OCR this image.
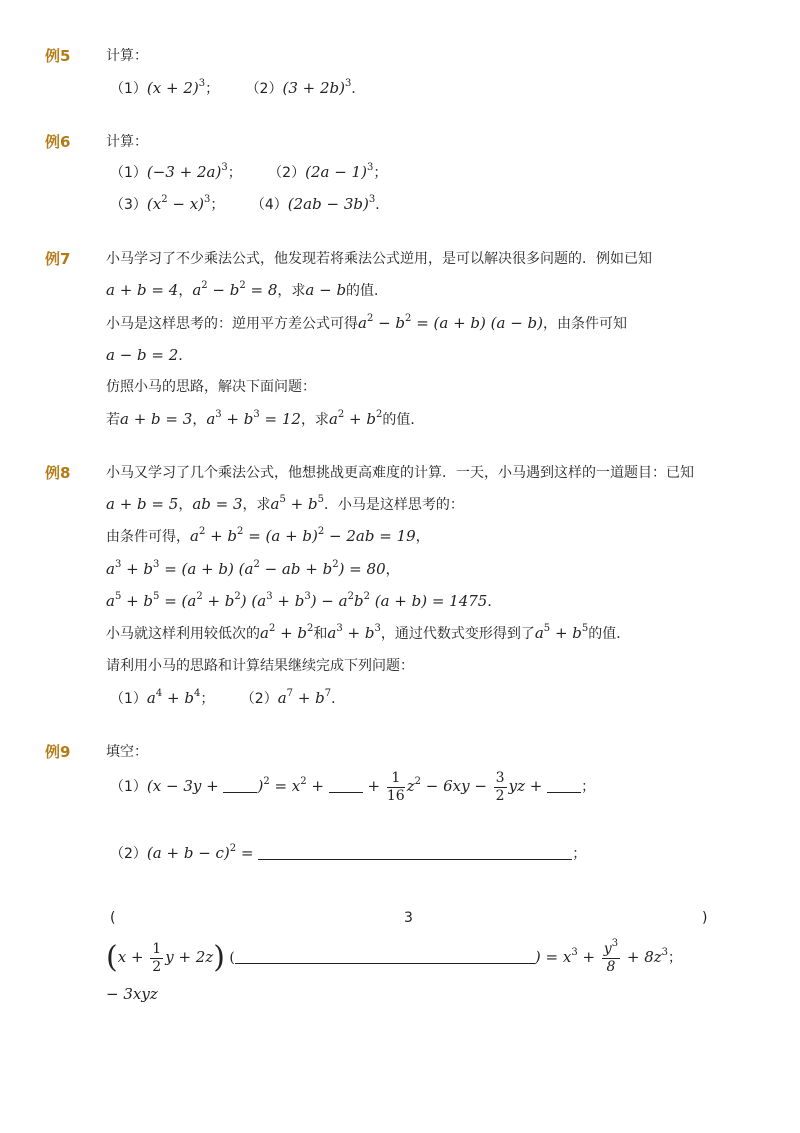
例5	计算：
$(1)(x + 2)^3$； $(2)(3 + 2b)^3$．
例6	计算：
$(1)(-3 + 2a)^3$； $(2)(2a - 1)^3$；
$(3)(x^2 - x)^3$； $(4)(2ab - 3b)^3$．
例7	小马学习了不少乘法公式，他发现若将乘法公式逆用，是可以解决很多问题的．例如已知
a + b = 4，$a^2 - b^2 = 8$，求a − b的值．
小马是这样思考的：逆用平方差公式可得$a^2 - b^2 = (a + b) (a - b)$，由条件可知
a − b = 2．
仿照小马的思路，解决下面问题：
若a + b = 3，$a^3 + b^3 = 12$，求$a^2 + b^2$的值．
例8	小马又学习了几个乘法公式，他想挑战更高难度的计算．一天，小马遇到这样的一道题目：已知
a + b = 5，ab = 3，求$a^5 + b^5$．小马是这样思考的：
由条件可得，$a^2 + b^2 = (a + b)^2 - 2ab = 19$，
$a^3 + b^3 = (a + b) (a^2$ − ab + $b^2) = 80$，
$a^5 + b^5 = (a^2 + b^2) (a^3 + b^3) - a^2b^2$ (a + b) = 1475．
小马就这样利用较低次的$a^2 + b^2$和$a^3 + b^3$，通过代数式变形得到了$a^5 + b^5$的值．
请利用小马的思路和计算结果继续完成下列问题：
$(1)a^4 + b^4$； $(2)a^7 + b^7$．
例9	填空：
$(1)(x - 3y + )^2 = x^2$ +  + $\frac{1}{16} z^2 - 6xy - \frac{3}{2}$ yz + ；
$(2)(a + b - c)^2$ =	；
(	3	)
($x + \frac{1}{2}$ y + 2z) (	) = $x^3 + \frac{y^3}{8} + 8z^3$；
− 3xyz
